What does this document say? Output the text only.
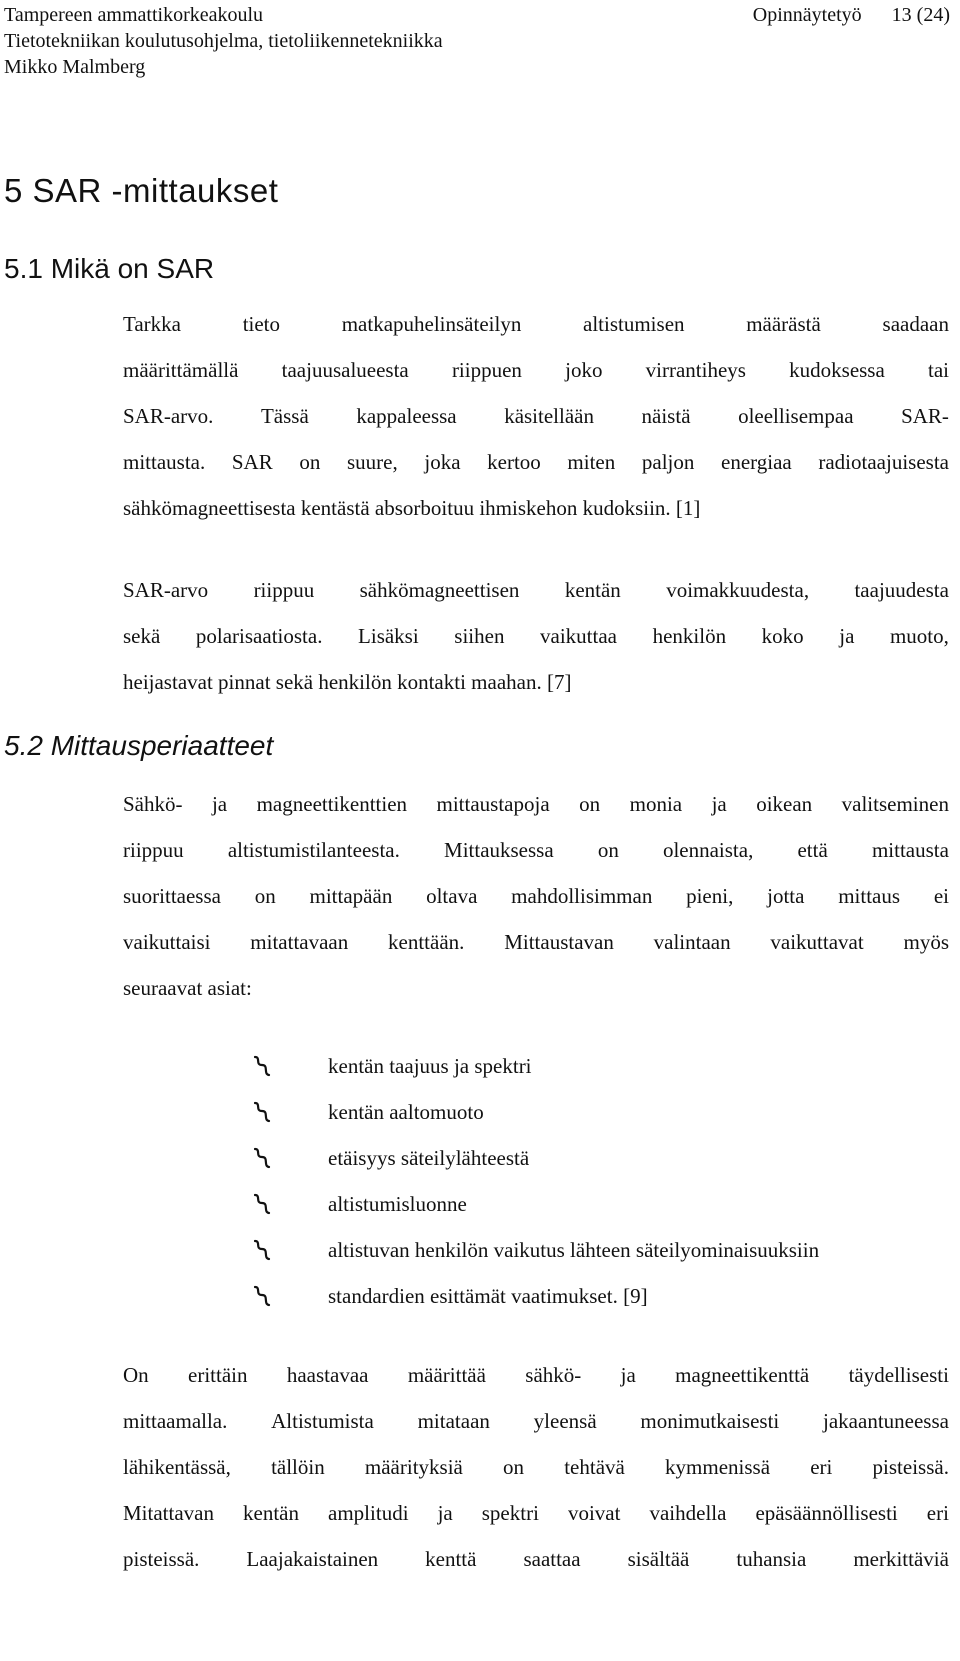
Tampereen ammattikorkeakoulu	Opinnäytetyö 13 (24)
Tietotekniikan koulutusohjelma, tietoliikennetekniikka
Mikko Malmberg
5 SAR -mittaukset
5.1 Mikä on SAR
Tarkka	tieto	matkapuhelinsäteilyn	altistumisen	määrästä	saadaan
määrittämällä taajuusalueesta riippuen joko virrantiheys kudoksessa tai
SAR-arvo. Tässä kappaleessa käsitellään näistä oleellisempaa SAR-
mittausta. SAR on suure, joka kertoo miten paljon energiaa radiotaajuisesta
sähkömagneettisesta kentästä absorboituu ihmiskehon kudoksiin. [1]
SAR-arvo riippuu sähkömagneettisen kentän voimakkuudesta, taajuudesta
sekä polarisaatiosta. Lisäksi siihen vaikuttaa henkilön koko ja muoto,
heijastavat pinnat sekä henkilön kontakti maahan. [7]
5.2 Mittausperiaatteet
Sähkö- ja magneettikenttien mittaustapoja on monia ja oikean valitseminen
riippuu altistumistilanteesta. Mittauksessa on olennaista, että mittausta
suorittaessa on mittapään oltava mahdollisimman pieni, jotta mittaus ei
vaikuttaisi mitattavaan kenttään. Mittaustavan valintaan vaikuttavat myös
seuraavat asiat:
kentän taajuus ja spektri
kentän aaltomuoto
etäisyys säteilylähteestä
altistumisluonne
altistuvan henkilön vaikutus lähteen säteilyominaisuuksiin
standardien esittämät vaatimukset. [9]
On erittäin haastavaa määrittää sähkö- ja magneettikenttä täydellisesti
mittaamalla. Altistumista mitataan yleensä monimutkaisesti jakaantuneessa
lähikentässä, tällöin määrityksiä on tehtävä kymmenissä eri pisteissä.
Mitattavan kentän amplitudi ja spektri voivat vaihdella epäsäännöllisesti eri
pisteissä. Laajakaistainen kenttä saattaa sisältää tuhansia merkittäviä
